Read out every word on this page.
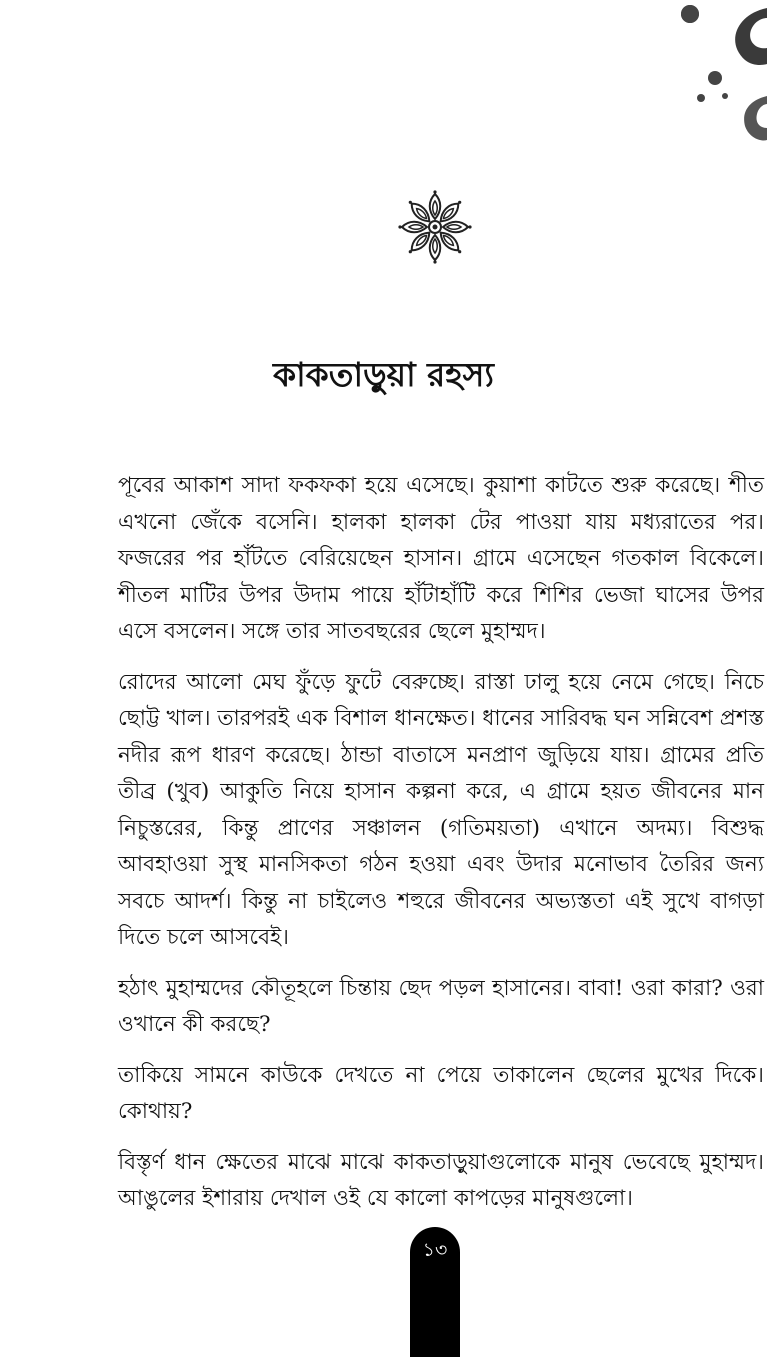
কাকতাড়ুয়া রহস্য

পূবের আকাশ সাদা ফকফকা হয়ে এসেছে। কুয়াশা কাটতে শুরু করেছে। শীত এখনো জেঁকে বসেনি। হালকা হালকা টের পাওয়া যায় মধ্যরাতের পর। ফজরের পর হাঁটতে বেরিয়েছেন হাসান। গ্রামে এসেছেন গতকাল বিকেলে। শীতল মাটির উপর উদাম পায়ে হাঁটাহাঁটি করে শিশির ভেজা ঘাসের উপর এসে বসলেন। সঙ্গে তার সাতবছরের ছেলে মুহাম্মদ।

রোদের আলো মেঘ ফুঁড়ে ফুটে বেরুচ্ছে। রাস্তা ঢালু হয়ে নেমে গেছে। নিচে ছোট্ট খাল। তারপরই এক বিশাল ধানক্ষেত। ধানের সারিবদ্ধ ঘন সন্নিবেশ প্রশস্ত নদীর রূপ ধারণ করেছে। ঠান্ডা বাতাসে মনপ্রাণ জুড়িয়ে যায়। গ্রামের প্রতি তীব্র (খুব) আকুতি নিয়ে হাসান কল্পনা করে, এ গ্রামে হয়ত জীবনের মান নিচুস্তরের, কিন্তু প্রাণের সঞ্চালন (গতিময়তা) এখানে অদম্য। বিশুদ্ধ আবহাওয়া সুস্থ মানসিকতা গঠন হওয়া এবং উদার মনোভাব তৈরির জন্য সবচে আদর্শ। কিন্তু না চাইলেও শহুরে জীবনের অভ্যস্ততা এই সুখে বাগড়া দিতে চলে আসবেই।

হঠাৎ মুহাম্মদের কৌতূহলে চিন্তায় ছেদ পড়ল হাসানের। বাবা! ওরা কারা? ওরা ওখানে কী করছে?

তাকিয়ে সামনে কাউকে দেখতে না পেয়ে তাকালেন ছেলের মুখের দিকে। কোথায়?

বিস্তৃর্ণ ধান ক্ষেতের মাঝে মাঝে কাকতাড়ুয়াগুলোকে মানুষ ভেবেছে মুহাম্মদ। আঙুলের ইশারায় দেখাল ওই যে কালো কাপড়ের মানুষগুলো।

১৩
